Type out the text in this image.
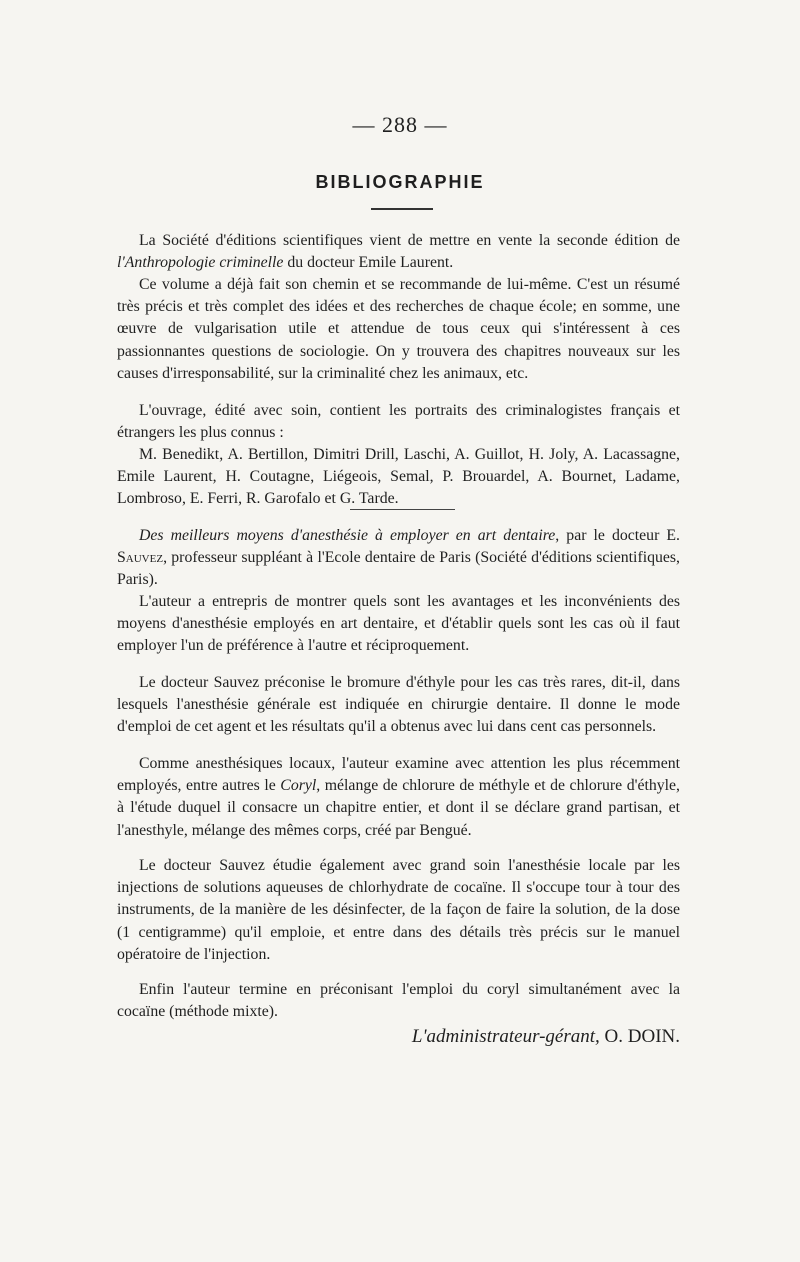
— 288 —
BIBLIOGRAPHIE

La Société d'éditions scientifiques vient de mettre en vente la seconde édition de l'Anthropologie criminelle du docteur Emile Laurent.

Ce volume a déjà fait son chemin et se recommande de lui-même. C'est un résumé très précis et très complet des idées et des recherches de chaque école; en somme, une œuvre de vulgarisation utile et attendue de tous ceux qui s'intéressent à ces passionnantes questions de sociologie. On y trouvera des chapitres nouveaux sur les causes d'irresponsabilité, sur la criminalité chez les animaux, etc.

L'ouvrage, édité avec soin, contient les portraits des criminalogistes français et étrangers les plus connus :

M. Benedikt, A. Bertillon, Dimitri Drill, Laschi, A. Guillot, H. Joly, A. Lacassagne, Emile Laurent, H. Coutagne, Liégeois, Semal, P. Brouardel, A. Bournet, Ladame, Lombroso, E. Ferri, R. Garofalo et G. Tarde.

Des meilleurs moyens d'anesthésie à employer en art dentaire, par le docteur E. Sauvez, professeur suppléant à l'Ecole dentaire de Paris (Société d'éditions scientifiques, Paris).

L'auteur a entrepris de montrer quels sont les avantages et les inconvénients des moyens d'anesthésie employés en art dentaire, et d'établir quels sont les cas où il faut employer l'un de préférence à l'autre et réciproquement.

Le docteur Sauvez préconise le bromure d'éthyle pour les cas très rares, dit-il, dans lesquels l'anesthésie générale est indiquée en chirurgie dentaire. Il donne le mode d'emploi de cet agent et les résultats qu'il a obtenus avec lui dans cent cas personnels.

Comme anesthésiques locaux, l'auteur examine avec attention les plus récemment employés, entre autres le Coryl, mélange de chlorure de méthyle et de chlorure d'éthyle, à l'étude duquel il consacre un chapitre entier, et dont il se déclare grand partisan, et l'anesthyle, mélange des mêmes corps, créé par Bengué.

Le docteur Sauvez étudie également avec grand soin l'anesthésie locale par les injections de solutions aqueuses de chlorhydrate de cocaïne. Il s'occupe tour à tour des instruments, de la manière de les désinfecter, de la façon de faire la solution, de la dose (1 centigramme) qu'il emploie, et entre dans des détails très précis sur le manuel opératoire de l'injection.

Enfin l'auteur termine en préconisant l'emploi du coryl simultanément avec la cocaïne (méthode mixte).

L'administrateur-gérant, O. DOIN.
